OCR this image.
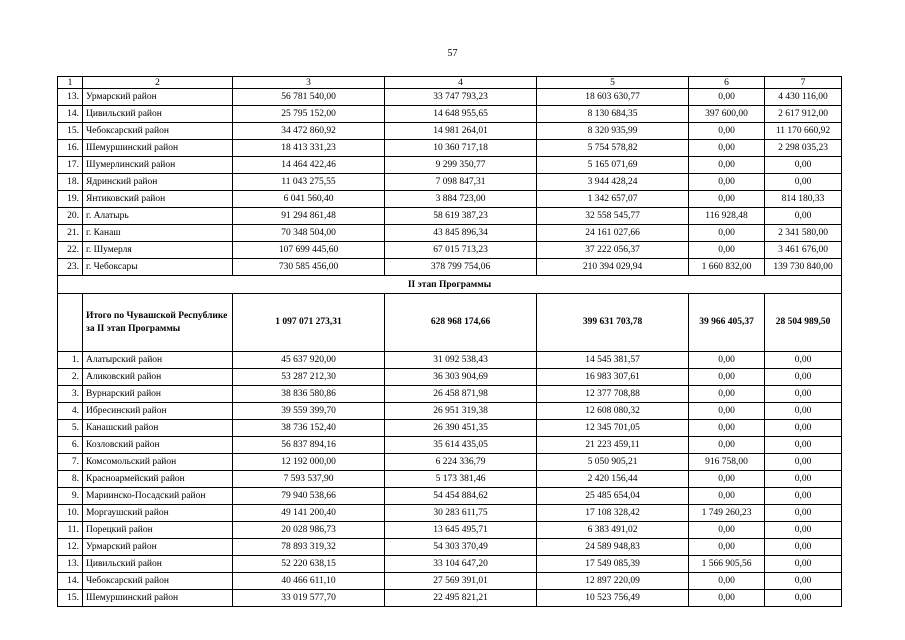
57
1	2	3	4	5	6	7
13.	Урмарский район	56 781 540,00	33 747 793,23	18 603 630,77	0,00	4 430 116,00
14.	Цивильский район	25 795 152,00	14 648 955,65	8 130 684,35	397 600,00	2 617 912,00
15.	Чебоксарский район	34 472 860,92	14 981 264,01	8 320 935,99	0,00	11 170 660,92
16.	Шемуршинский район	18 413 331,23	10 360 717,18	5 754 578,82	0,00	2 298 035,23
17.	Шумерлинский район	14 464 422,46	9 299 350,77	5 165 071,69	0,00	0,00
18.	Ядринский район	11 043 275,55	7 098 847,31	3 944 428,24	0,00	0,00
19.	Янтиковский район	6 041 560,40	3 884 723,00	1 342 657,07	0,00	814 180,33
20.	г. Алатырь	91 294 861,48	58 619 387,23	32 558 545,77	116 928,48	0,00
21.	г. Канаш	70 348 504,00	43 845 896,34	24 161 027,66	0,00	2 341 580,00
22.	г. Шумерля	107 699 445,60	67 015 713,23	37 222 056,37	0,00	3 461 676,00
23.	г. Чебоксары	730 585 456,00	378 799 754,06	210 394 029,94	1 660 832,00	139 730 840,00
II этап Программы						
	Итого по Чувашской Республике за II этап Программы	1 097 071 273,31	628 968 174,66	399 631 703,78	39 966 405,37	28 504 989,50
1.	Алатырский район	45 637 920,00	31 092 538,43	14 545 381,57	0,00	0,00
2.	Аликовский район	53 287 212,30	36 303 904,69	16 983 307,61	0,00	0,00
3.	Вурнарский район	38 836 580,86	26 458 871,98	12 377 708,88	0,00	0,00
4.	Ибресинский район	39 559 399,70	26 951 319,38	12 608 080,32	0,00	0,00
5.	Канашский район	38 736 152,40	26 390 451,35	12 345 701,05	0,00	0,00
6.	Козловский район	56 837 894,16	35 614 435,05	21 223 459,11	0,00	0,00
7.	Комсомольский район	12 192 000,00	6 224 336,79	5 050 905,21	916 758,00	0,00
8.	Красноармейский район	7 593 537,90	5 173 381,46	2 420 156,44	0,00	0,00
9.	Мариинско-Посадский район	79 940 538,66	54 454 884,62	25 485 654,04	0,00	0,00
10.	Моргаушский район	49 141 200,40	30 283 611,75	17 108 328,42	1 749 260,23	0,00
11.	Порецкий район	20 028 986,73	13 645 495,71	6 383 491,02	0,00	0,00
12.	Урмарский район	78 893 319,32	54 303 370,49	24 589 948,83	0,00	0,00
13.	Цивильский район	52 220 638,15	33 104 647,20	17 549 085,39	1 566 905,56	0,00
14.	Чебоксарский район	40 466 611,10	27 569 391,01	12 897 220,09	0,00	0,00
15.	Шемуршинский район	33 019 577,70	22 495 821,21	10 523 756,49	0,00	0,00
